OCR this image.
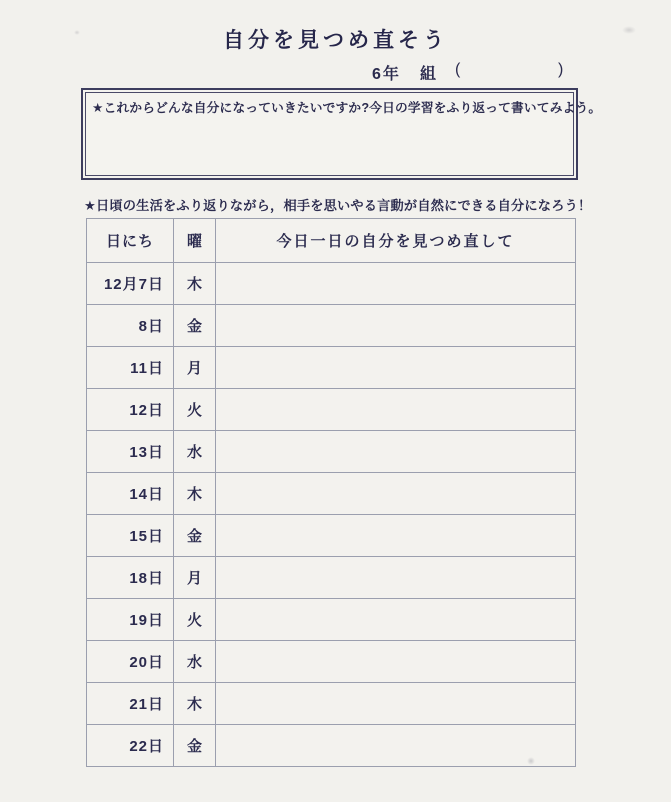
自分を見つめ直そう
6年 組 (	)

★これからどんな自分になっていきたいですか?今日の学習をふり返って書いてみよう。

★日頃の生活をふり返りながら，相手を思いやる言動が自然にできる自分になろう！

日にち	曜	今日一日の自分を見つめ直して
12月7日	木	
8日	金	
11日	月	
12日	火	
13日	水	
14日	木	
15日	金	
18日	月	
19日	火	
20日	水	
21日	木	
22日	金	
